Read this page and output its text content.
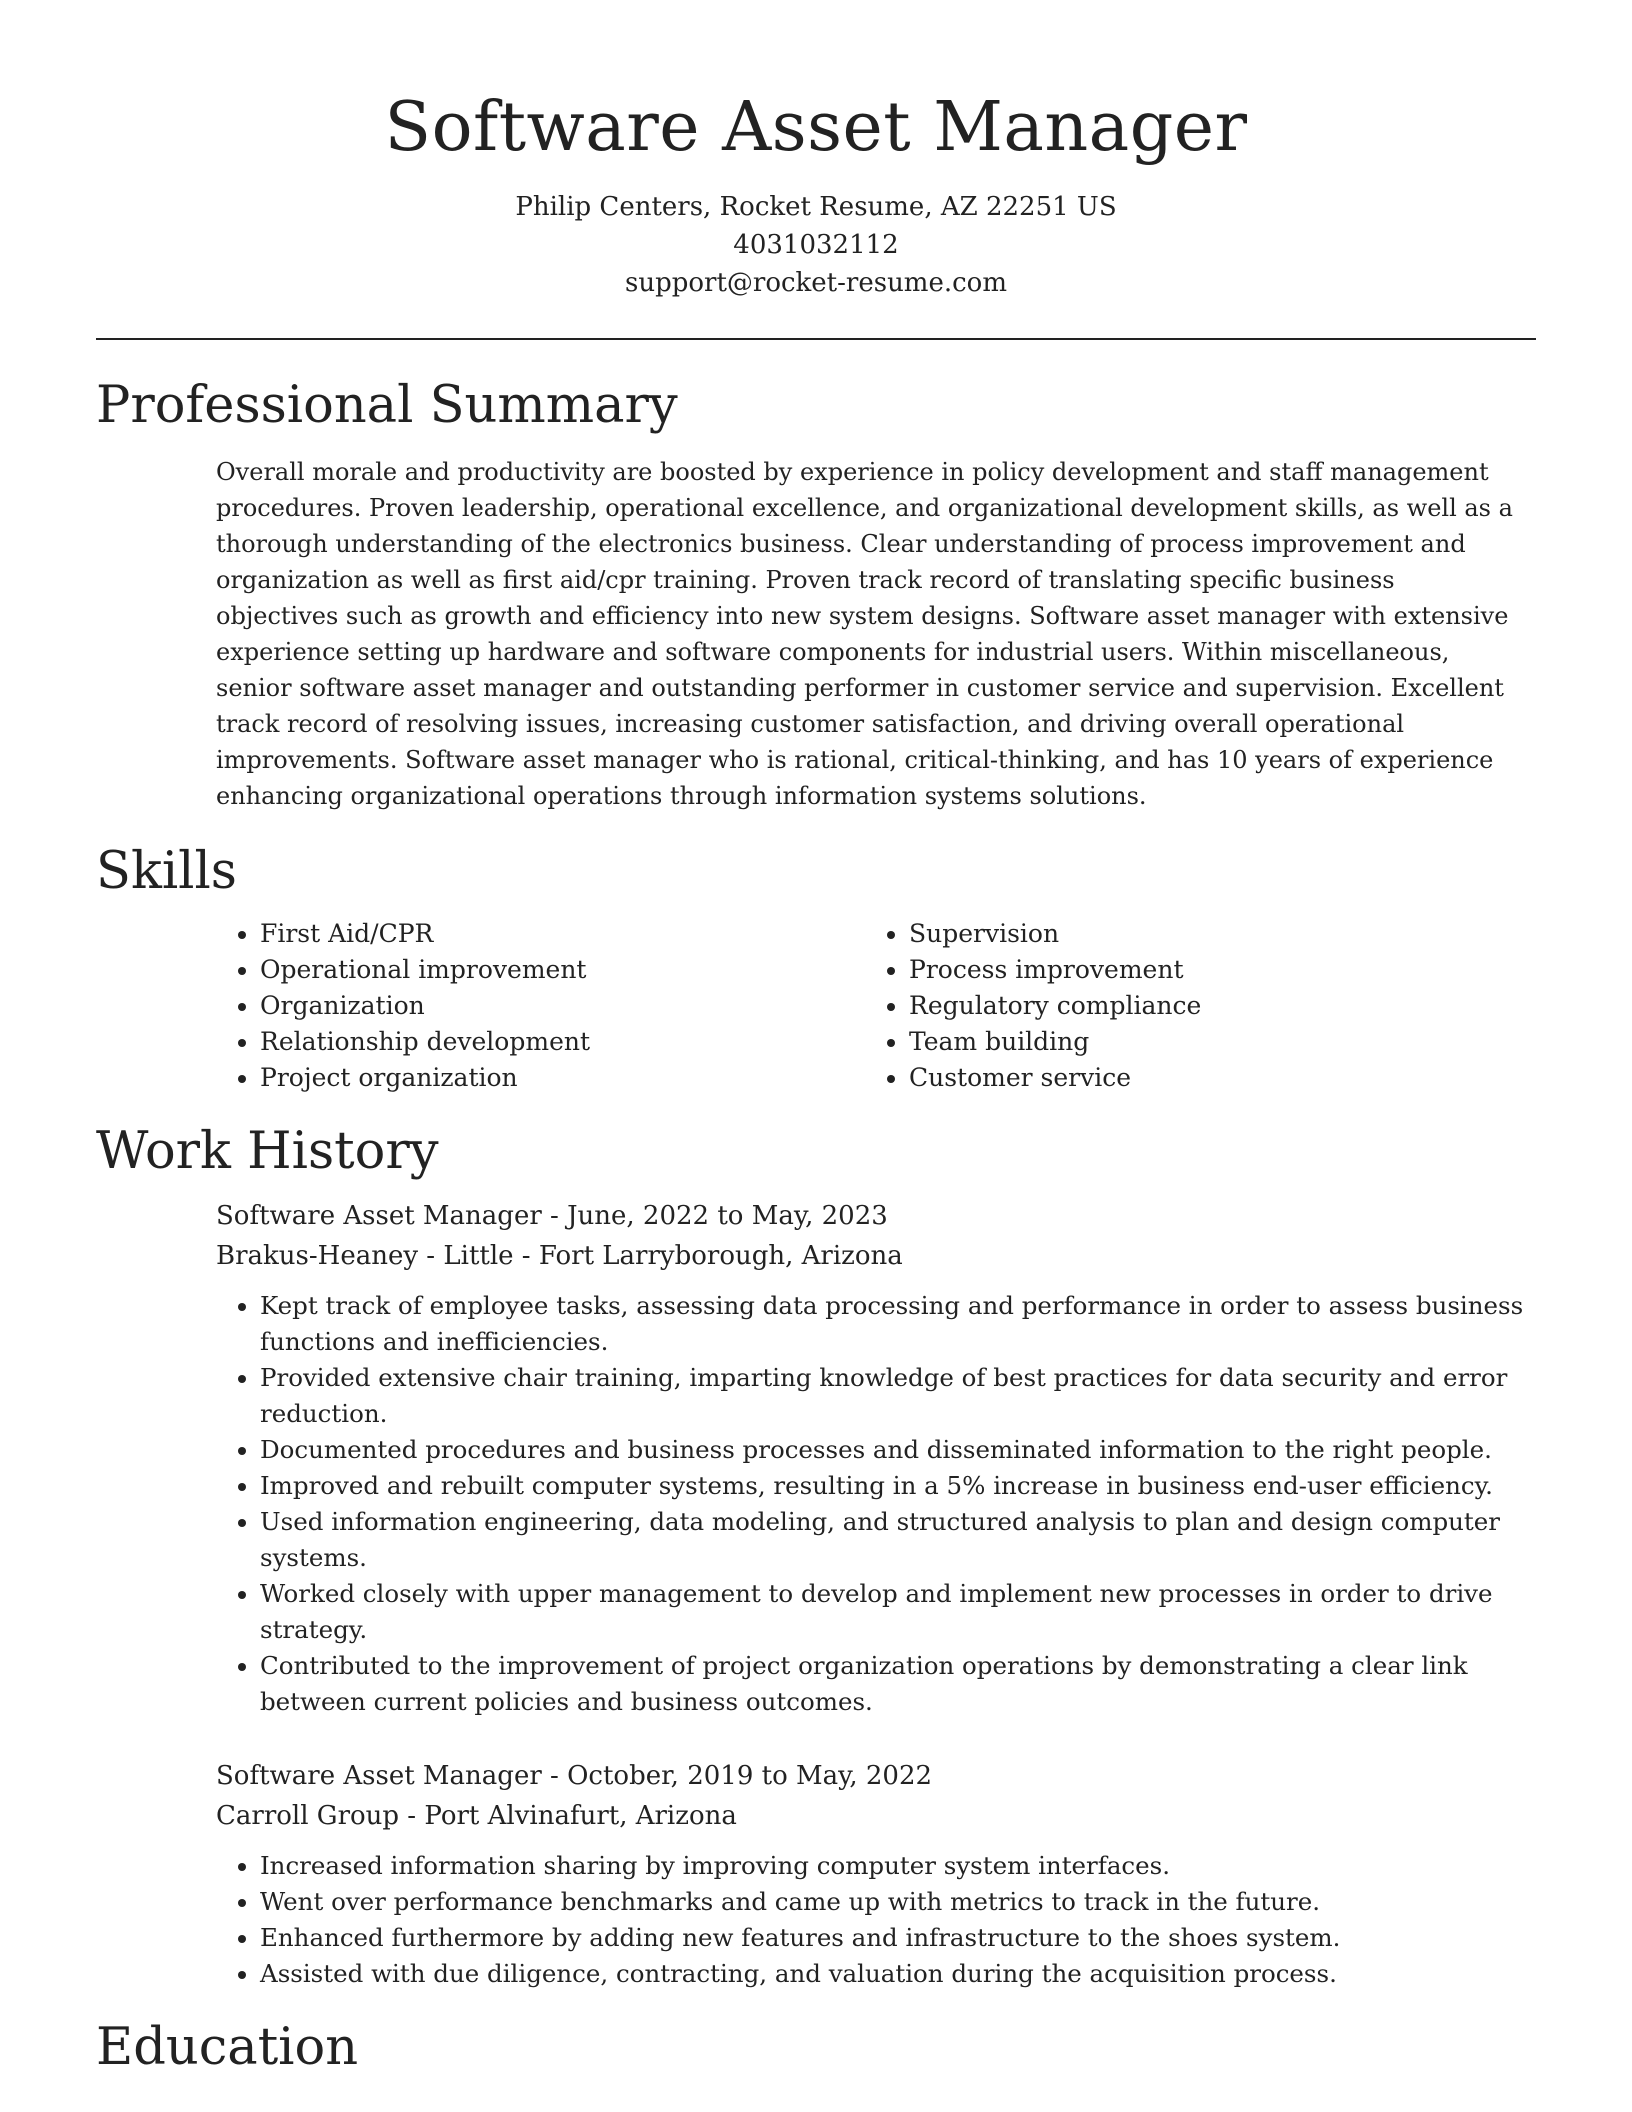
Software Asset Manager
Philip Centers, Rocket Resume, AZ 22251 US
4031032112
support@rocket-resume.com
Professional Summary

Overall morale and productivity are boosted by experience in policy development and staff management procedures. Proven leadership, operational excellence, and organizational development skills, as well as a thorough understanding of the electronics business. Clear understanding of process improvement and organization as well as first aid/cpr training. Proven track record of translating specific business objectives such as growth and efficiency into new system designs. Software asset manager with extensive experience setting up hardware and software components for industrial users. Within miscellaneous, senior software asset manager and outstanding performer in customer service and supervision. Excellent track record of resolving issues, increasing customer satisfaction, and driving overall operational improvements. Software asset manager who is rational, critical-thinking, and has 10 years of experience enhancing organizational operations through information systems solutions.

Skills
• First Aid/CPR
• Operational improvement
• Organization
• Relationship development
• Project organization
• Supervision
• Process improvement
• Regulatory compliance
• Team building
• Customer service
Work History
Software Asset Manager - June, 2022 to May, 2023
Brakus-Heaney - Little - Fort Larryborough, Arizona
• Kept track of employee tasks, assessing data processing and performance in order to assess business functions and inefficiencies.
• Provided extensive chair training, imparting knowledge of best practices for data security and error reduction.
• Documented procedures and business processes and disseminated information to the right people.
• Improved and rebuilt computer systems, resulting in a 5% increase in business end-user efficiency.
• Used information engineering, data modeling, and structured analysis to plan and design computer systems.
• Worked closely with upper management to develop and implement new processes in order to drive strategy.
• Contributed to the improvement of project organization operations by demonstrating a clear link between current policies and business outcomes.
Software Asset Manager - October, 2019 to May, 2022
Carroll Group - Port Alvinafurt, Arizona
• Increased information sharing by improving computer system interfaces.
• Went over performance benchmarks and came up with metrics to track in the future.
• Enhanced furthermore by adding new features and infrastructure to the shoes system.
• Assisted with due diligence, contracting, and valuation during the acquisition process.
Education
